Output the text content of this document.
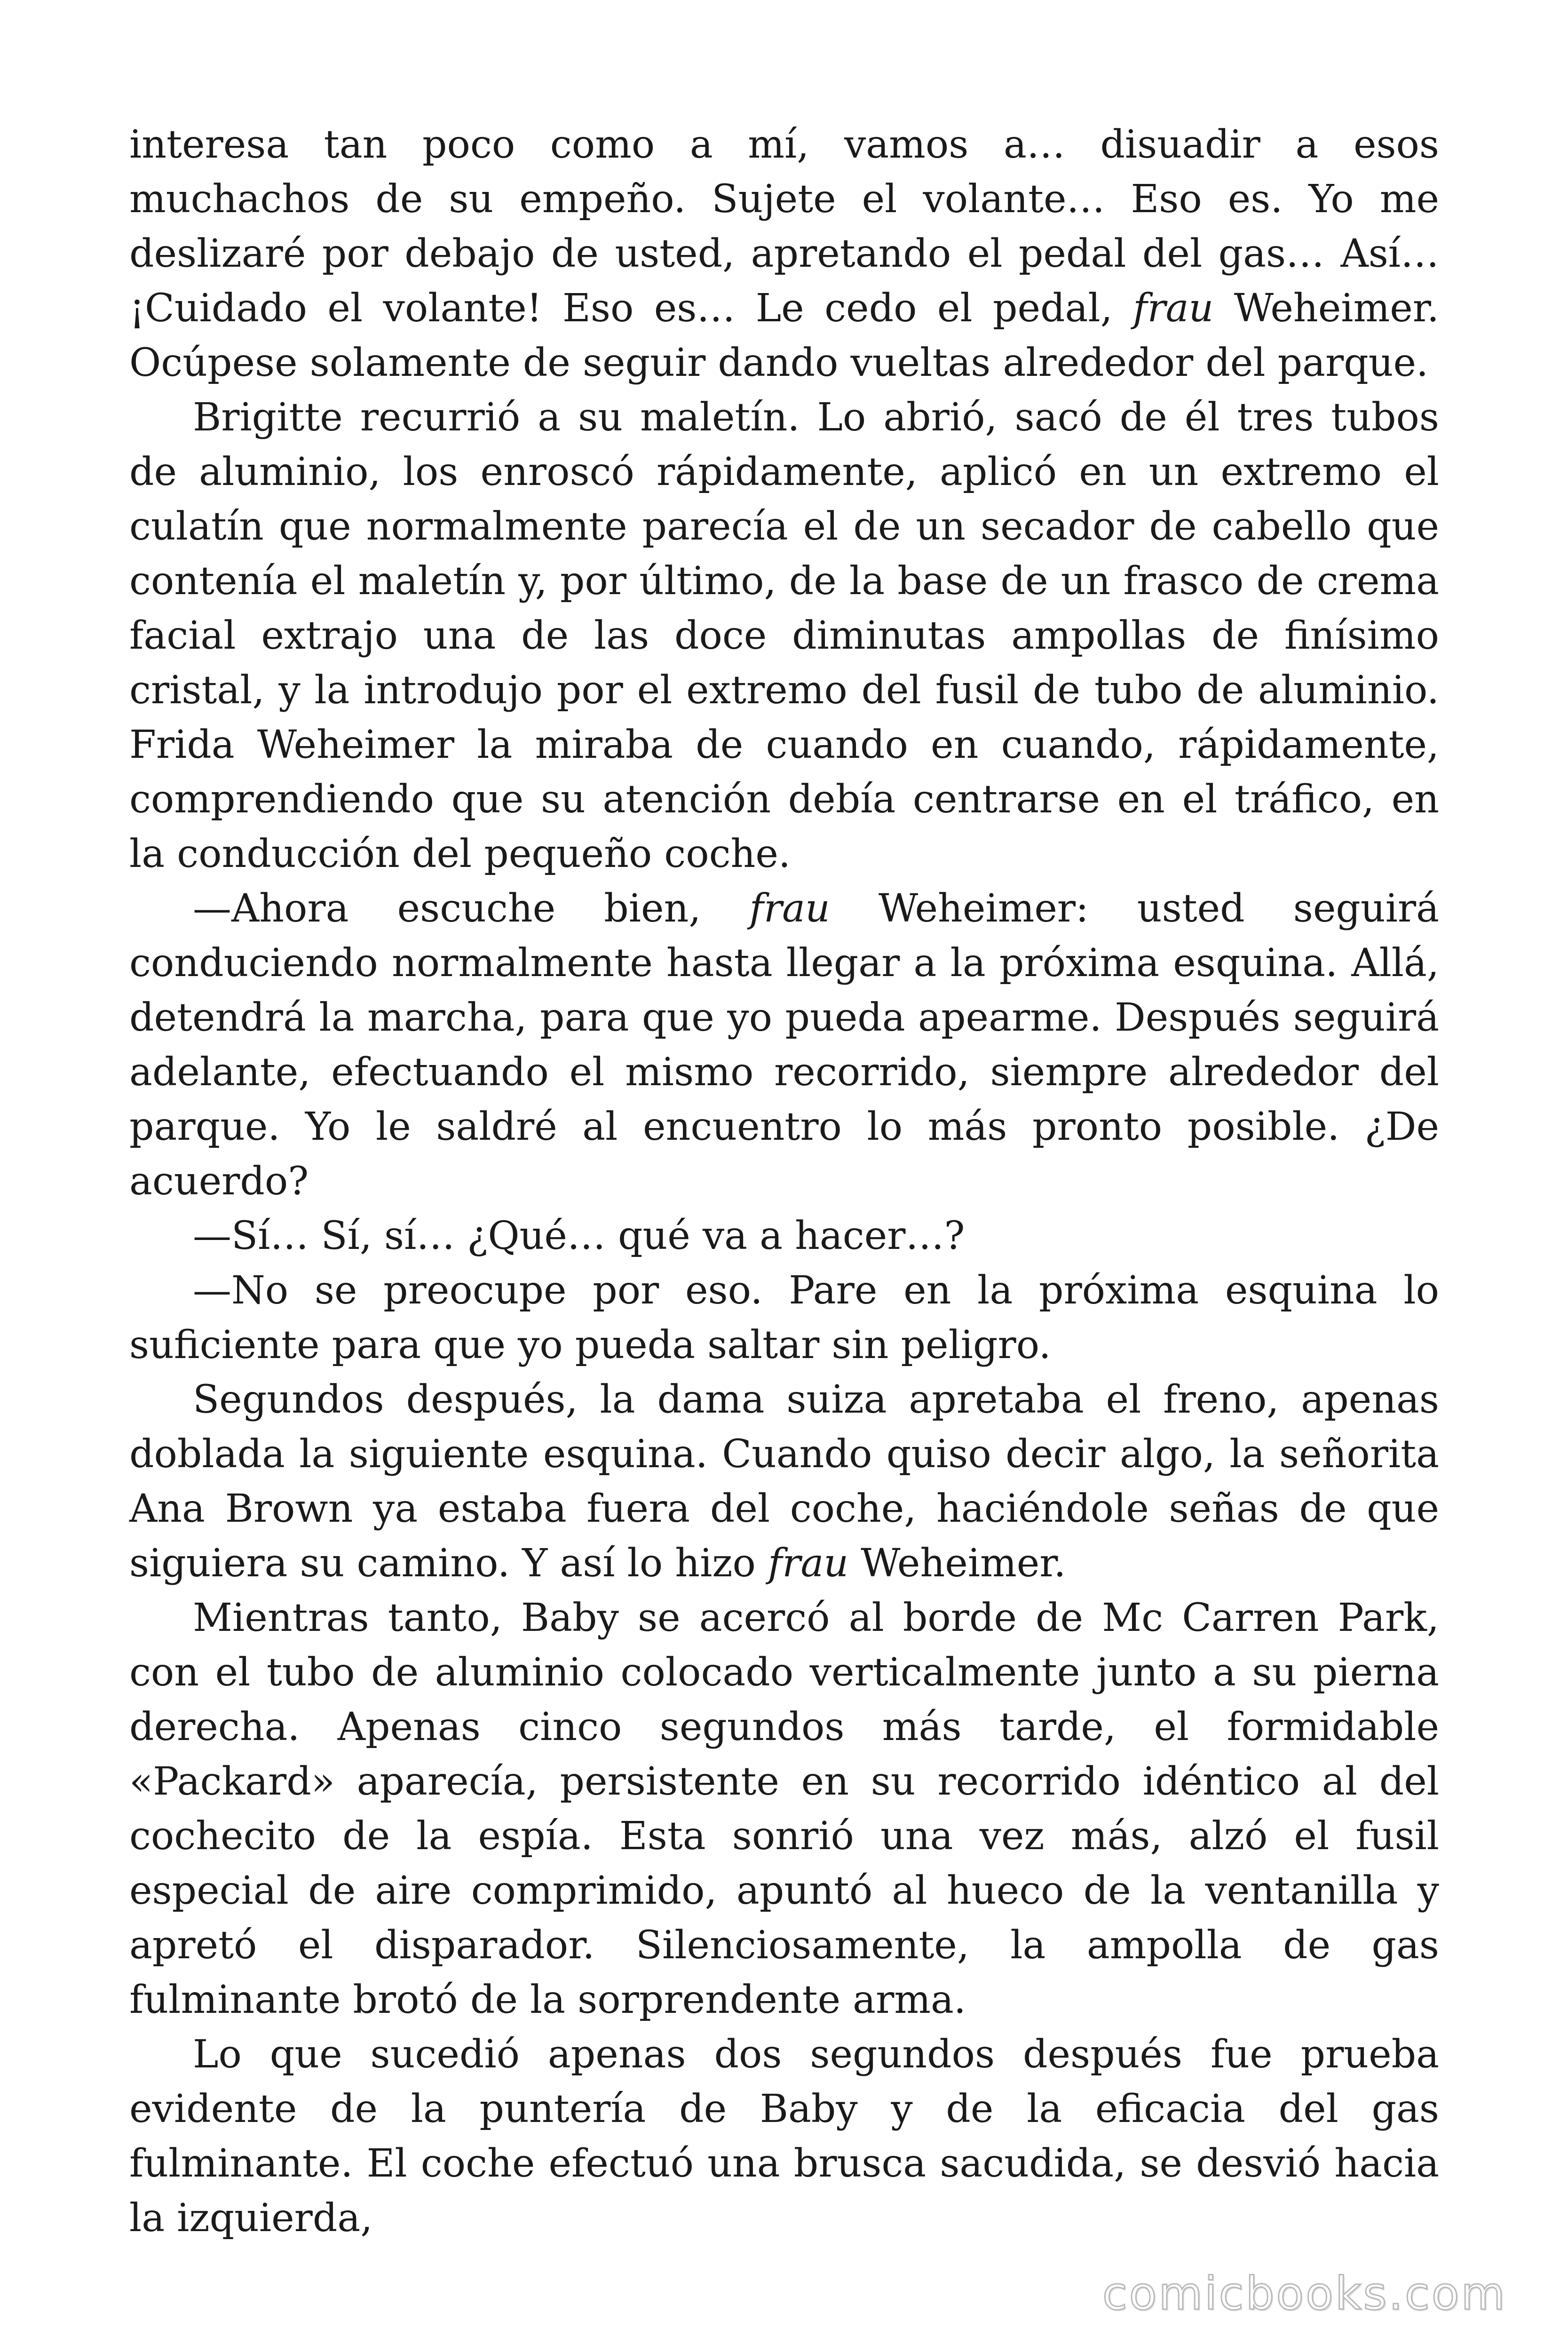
interesa tan poco como a mí, vamos a… disuadir a esos muchachos de su empeño. Sujete el volante… Eso es. Yo me deslizaré por debajo de usted, apretando el pedal del gas… Así… ¡Cuidado el volante! Eso es… Le cedo el pedal, frau Weheimer. Ocúpese solamente de seguir dando vueltas alrededor del parque.

Brigitte recurrió a su maletín. Lo abrió, sacó de él tres tubos de aluminio, los enroscó rápidamente, aplicó en un extremo el culatín que normalmente parecía el de un secador de cabello que contenía el maletín y, por último, de la base de un frasco de crema facial extrajo una de las doce diminutas ampollas de finísimo cristal, y la introdujo por el extremo del fusil de tubo de aluminio. Frida Weheimer la miraba de cuando en cuando, rápidamente, comprendiendo que su atención debía centrarse en el tráfico, en la conducción del pequeño coche.

—Ahora escuche bien, frau Weheimer: usted seguirá conduciendo normalmente hasta llegar a la próxima esquina. Allá, detendrá la marcha, para que yo pueda apearme. Después seguirá adelante, efectuando el mismo recorrido, siempre alrededor del parque. Yo le saldré al encuentro lo más pronto posible. ¿De acuerdo?

—Sí… Sí, sí… ¿Qué… qué va a hacer…?

—No se preocupe por eso. Pare en la próxima esquina lo suficiente para que yo pueda saltar sin peligro.

Segundos después, la dama suiza apretaba el freno, apenas doblada la siguiente esquina. Cuando quiso decir algo, la señorita Ana Brown ya estaba fuera del coche, haciéndole señas de que siguiera su camino. Y así lo hizo frau Weheimer.

Mientras tanto, Baby se acercó al borde de Mc Carren Park, con el tubo de aluminio colocado verticalmente junto a su pierna derecha. Apenas cinco segundos más tarde, el formidable «Packard» aparecía, persistente en su recorrido idéntico al del cochecito de la espía. Esta sonrió una vez más, alzó el fusil especial de aire comprimido, apuntó al hueco de la ventanilla y apretó el disparador. Silenciosamente, la ampolla de gas fulminante brotó de la sorprendente arma.

Lo que sucedió apenas dos segundos después fue prueba evidente de la puntería de Baby y de la eficacia del gas fulminante. El coche efectuó una brusca sacudida, se desvió hacia la izquierda,

comicbooks.com
